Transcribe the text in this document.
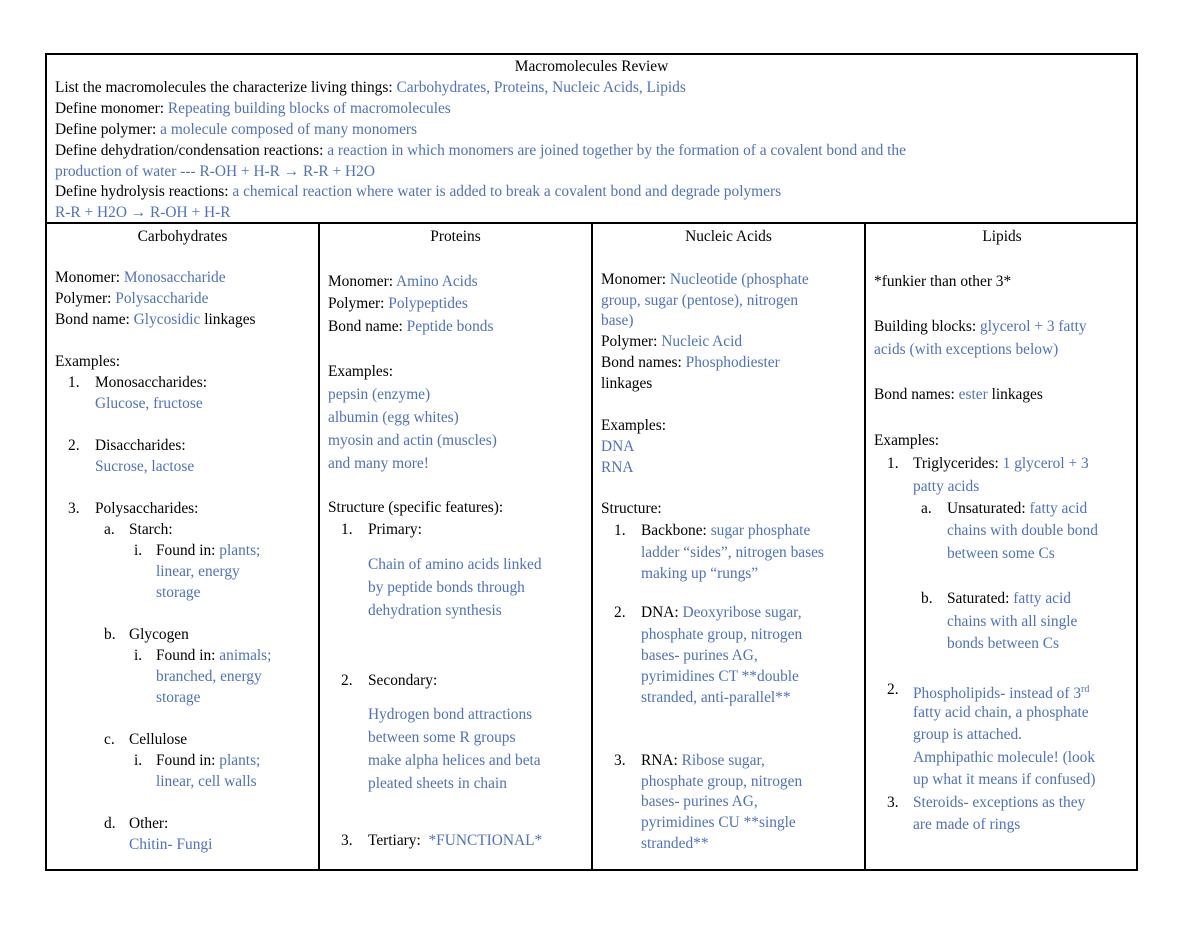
Macromolecules Review
List the macromolecules the characterize living things: Carbohydrates, Proteins, Nucleic Acids, Lipids
Define monomer: Repeating building blocks of macromolecules
Define polymer: a molecule composed of many monomers
Define dehydration/condensation reactions: a reaction in which monomers are joined together by the formation of a covalent bond and the
production of water --- R-OH + H-R → R-R + H2O
Define hydrolysis reactions: a chemical reaction where water is added to break a covalent bond and degrade polymers
R-R + H2O → R-OH + H-R
Carbohydrates
Monomer: Monosaccharide
Polymer: Polysaccharide
Bond name: Glycosidic linkages
Examples:
1. Monosaccharides:
Glucose, fructose
2. Disaccharides:
Sucrose, lactose
3. Polysaccharides:
a. Starch:
i. Found in: plants;
linear, energy
storage
b. Glycogen
i. Found in: animals;
branched, energy
storage
c. Cellulose
i. Found in: plants;
linear, cell walls
d. Other:
Chitin- Fungi
Proteins
Monomer: Amino Acids
Polymer: Polypeptides
Bond name: Peptide bonds
Examples:
pepsin (enzyme)
albumin (egg whites)
myosin and actin (muscles)
and many more!
Structure (specific features):
1. Primary:
Chain of amino acids linked
by peptide bonds through
dehydration synthesis
2. Secondary:
Hydrogen bond attractions
between some R groups
make alpha helices and beta
pleated sheets in chain
3. Tertiary: *FUNCTIONAL*
Nucleic Acids
Monomer: Nucleotide (phosphate
group, sugar (pentose), nitrogen
base)
Polymer: Nucleic Acid
Bond names: Phosphodiester
linkages
Examples:
DNA
RNA
Structure:
1. Backbone: sugar phosphate
ladder “sides”, nitrogen bases
making up “rungs”
2. DNA: Deoxyribose sugar,
phosphate group, nitrogen
bases- purines AG,
pyrimidines CT **double
stranded, anti-parallel**
3. RNA: Ribose sugar,
phosphate group, nitrogen
bases- purines AG,
pyrimidines CU **single
stranded**
Lipids
*funkier than other 3*
Building blocks: glycerol + 3 fatty
acids (with exceptions below)
Bond names: ester linkages
Examples:
1. Triglycerides: 1 glycerol + 3
patty acids
a. Unsaturated: fatty acid
chains with double bond
between some Cs
b. Saturated: fatty acid
chains with all single
bonds between Cs
2. Phospholipids- instead of 3rd
fatty acid chain, a phosphate
group is attached.
Amphipathic molecule! (look
up what it means if confused)
3. Steroids- exceptions as they
are made of rings
